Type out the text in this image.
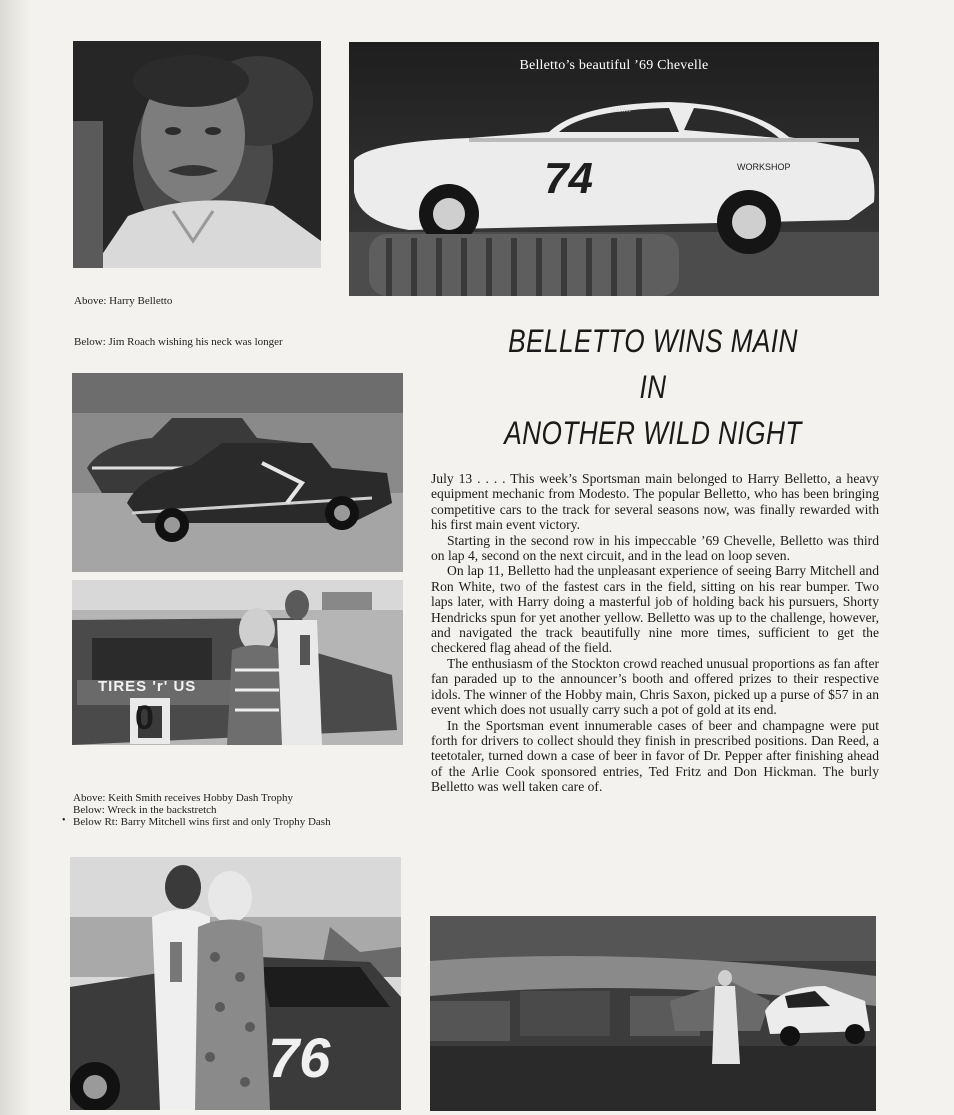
74	WORKSHOP
HARRY
Belletto’s beautiful ’69 Chevelle
Above: Harry Belletto
Below: Jim Roach wishing his neck was longer	BELLETTO WINS MAIN IN
ANOTHER WILD NIGHT
TIRES 'r' US
0
Above: Keith Smith receives Hobby Dash Trophy
Below: Wreck in the backstretch
• Below Rt: Barry Mitchell wins first and only Trophy Dash

July 13 . . . . This week’s Sportsman main belonged to Harry Belletto, a heavy equipment mechanic from Modesto. The popular Belletto, who has been bringing competitive cars to the track for several seasons now, was finally rewarded with his first main event victory.

Starting in the second row in his impeccable ’69 Chevelle, Belletto was third on lap 4, second on the next circuit, and in the lead on loop seven.

On lap 11, Belletto had the unpleasant experience of seeing Barry Mitchell and Ron White, two of the fastest cars in the field, sitting on his rear bumper. Two laps later, with Harry doing a masterful job of holding back his pursuers, Shorty Hendricks spun for yet another yellow. Belletto was up to the challenge, however, and navigated the track beautifully nine more times, sufficient to get the checkered flag ahead of the field.

The enthusiasm of the Stockton crowd reached unusual proportions as fan after fan paraded up to the announcer’s booth and offered prizes to their respective idols. The winner of the Hobby main, Chris Saxon, picked up a purse of $57 in an event which does not usually carry such a pot of gold at its end.

In the Sportsman event innumerable cases of beer and champagne were put forth for drivers to collect should they finish in prescribed positions. Dan Reed, a teetotaler, turned down a case of beer in favor of Dr. Pepper after finishing ahead of the Arlie Cook sponsored entries, Ted Fritz and Don Hickman. The burly Belletto was well taken care of.

76
